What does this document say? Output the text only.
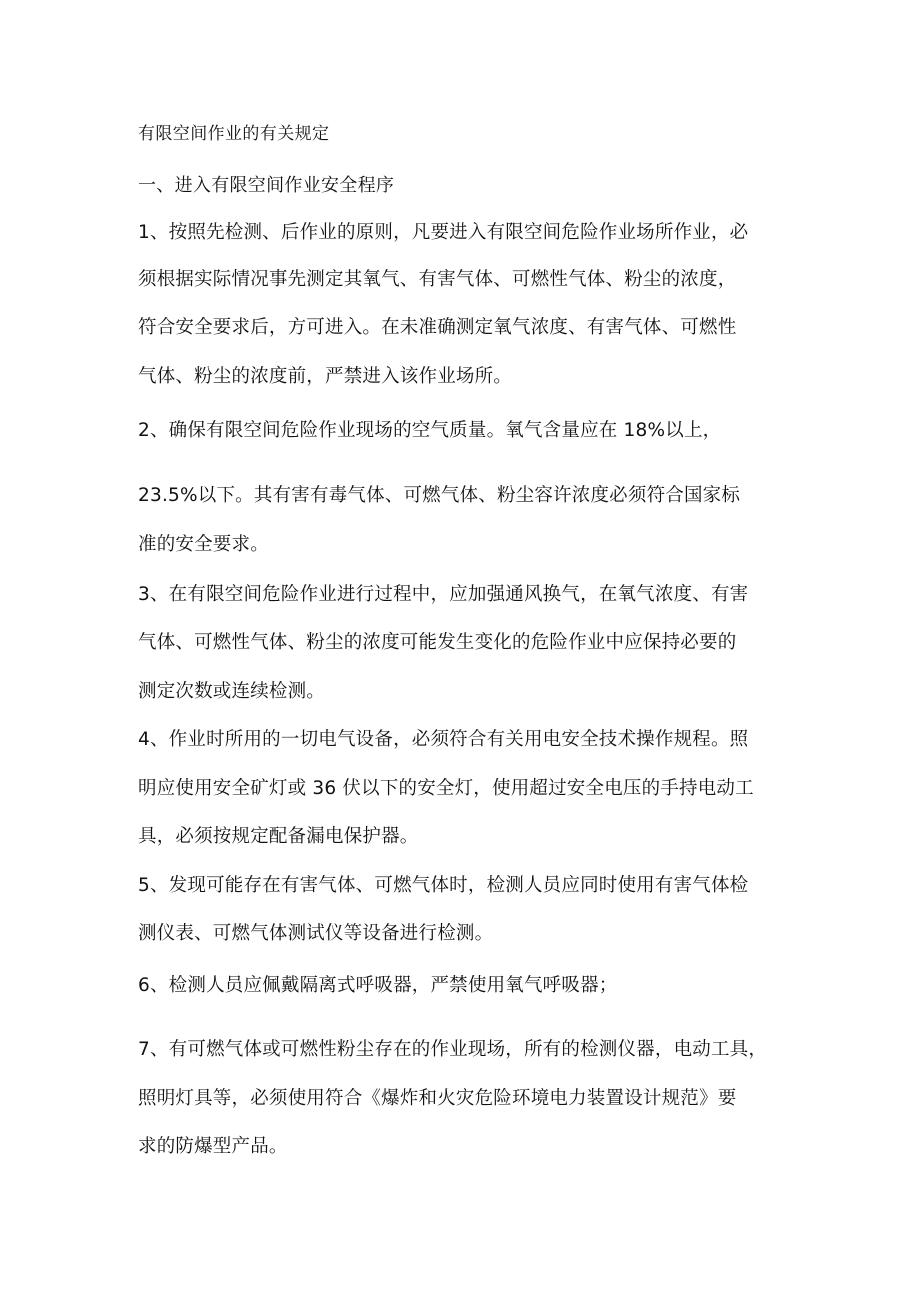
有限空间作业的有关规定
一、进入有限空间作业安全程序
1、按照先检测、后作业的原则，凡要进入有限空间危险作业场所作业，必
须根据实际情况事先测定其氧气、有害气体、可燃性气体、粉尘的浓度，
符合安全要求后，方可进入。在未准确测定氧气浓度、有害气体、可燃性
气体、粉尘的浓度前，严禁进入该作业场所。
2、确保有限空间危险作业现场的空气质量。氧气含量应在 18%以上，
23.5%以下。其有害有毒气体、可燃气体、粉尘容许浓度必须符合国家标
准的安全要求。
3、在有限空间危险作业进行过程中，应加强通风换气，在氧气浓度、有害
气体、可燃性气体、粉尘的浓度可能发生变化的危险作业中应保持必要的
测定次数或连续检测。
4、作业时所用的一切电气设备，必须符合有关用电安全技术操作规程。照
明应使用安全矿灯或 36 伏以下的安全灯，使用超过安全电压的手持电动工
具，必须按规定配备漏电保护器。
5、发现可能存在有害气体、可燃气体时，检测人员应同时使用有害气体检
测仪表、可燃气体测试仪等设备进行检测。
6、检测人员应佩戴隔离式呼吸器，严禁使用氧气呼吸器；
7、有可燃气体或可燃性粉尘存在的作业现场，所有的检测仪器，电动工具，
照明灯具等，必须使用符合《爆炸和火灾危险环境电力装置设计规范》要
求的防爆型产品。
